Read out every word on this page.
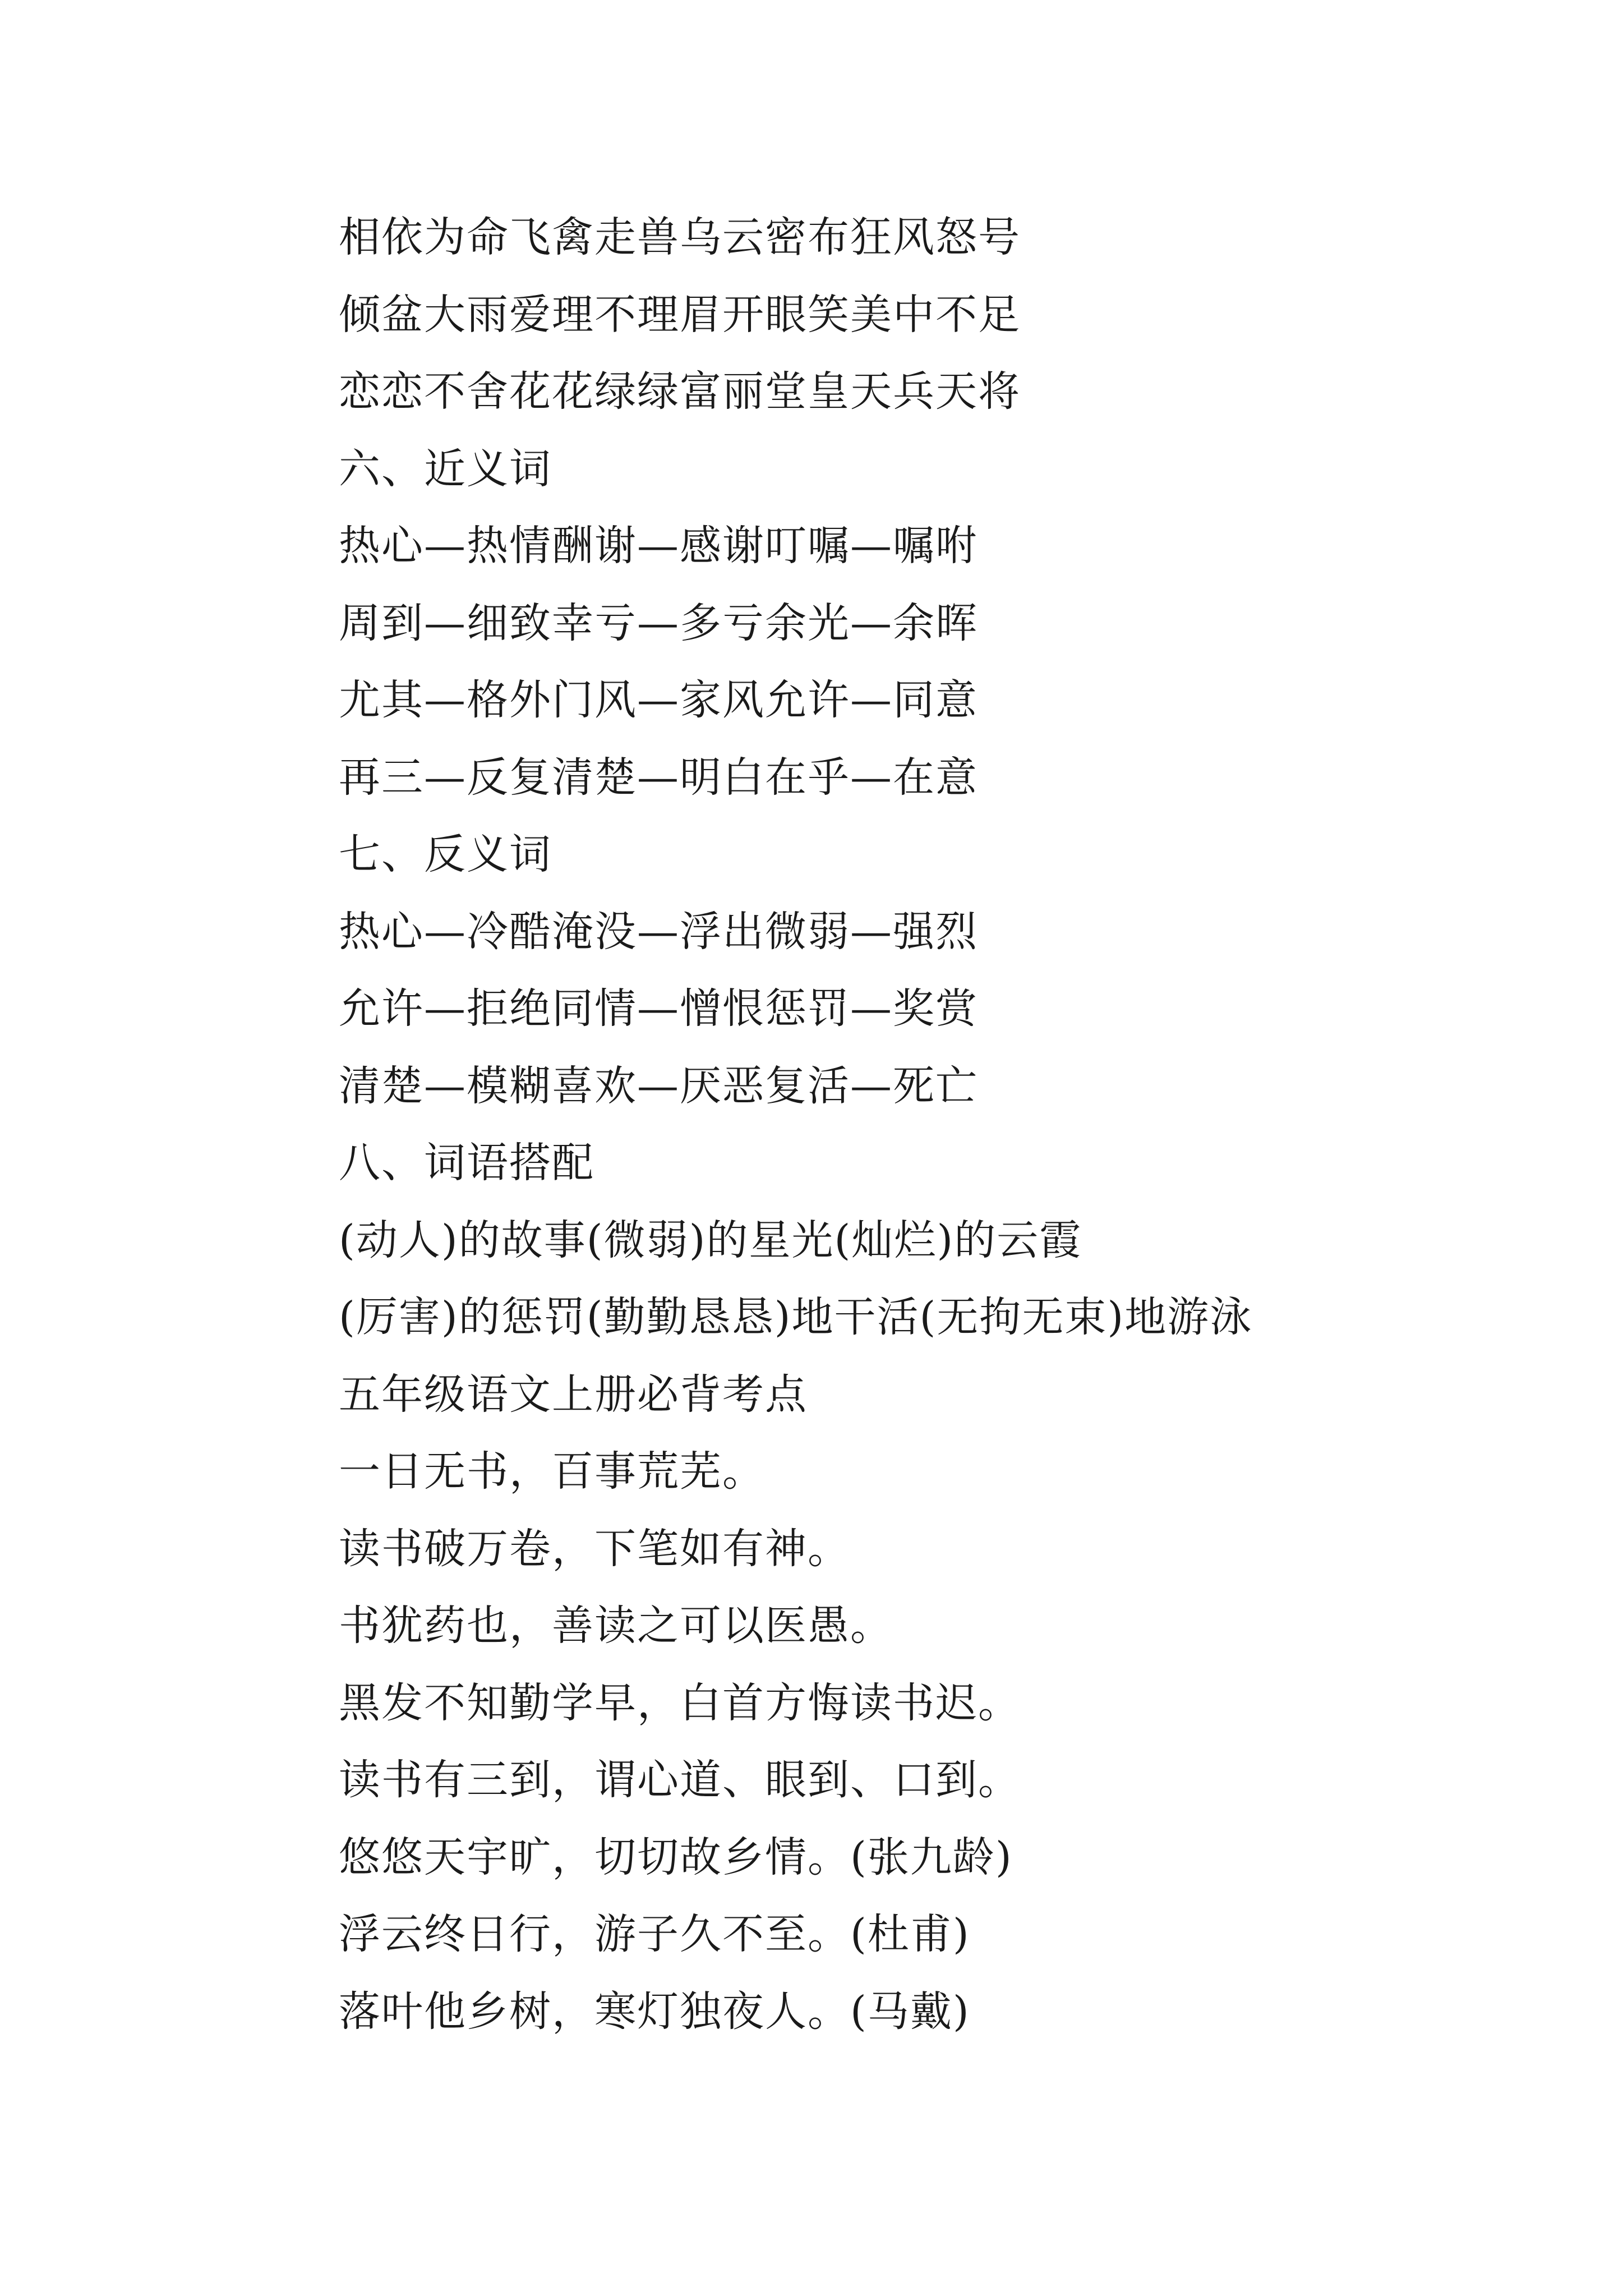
相依为命飞禽走兽乌云密布狂风怒号
倾盆大雨爱理不理眉开眼笑美中不足
恋恋不舍花花绿绿富丽堂皇天兵天将
六、近义词
热心—热情酬谢—感谢叮嘱—嘱咐
周到—细致幸亏—多亏余光—余晖
尤其—格外门风—家风允许—同意
再三—反复清楚—明白在乎—在意
七、反义词
热心—冷酷淹没—浮出微弱—强烈
允许—拒绝同情—憎恨惩罚—奖赏
清楚—模糊喜欢—厌恶复活—死亡
八、词语搭配
(动人)的故事(微弱)的星光(灿烂)的云霞
(厉害)的惩罚(勤勤恳恳)地干活(无拘无束)地游泳
五年级语文上册必背考点
一日无书，百事荒芜。
读书破万卷，下笔如有神。
书犹药也，善读之可以医愚。
黑发不知勤学早，白首方悔读书迟。
读书有三到，谓心道、眼到、口到。
悠悠天宇旷，切切故乡情。(张九龄)
浮云终日行，游子久不至。(杜甫)
落叶他乡树，寒灯独夜人。(马戴)
